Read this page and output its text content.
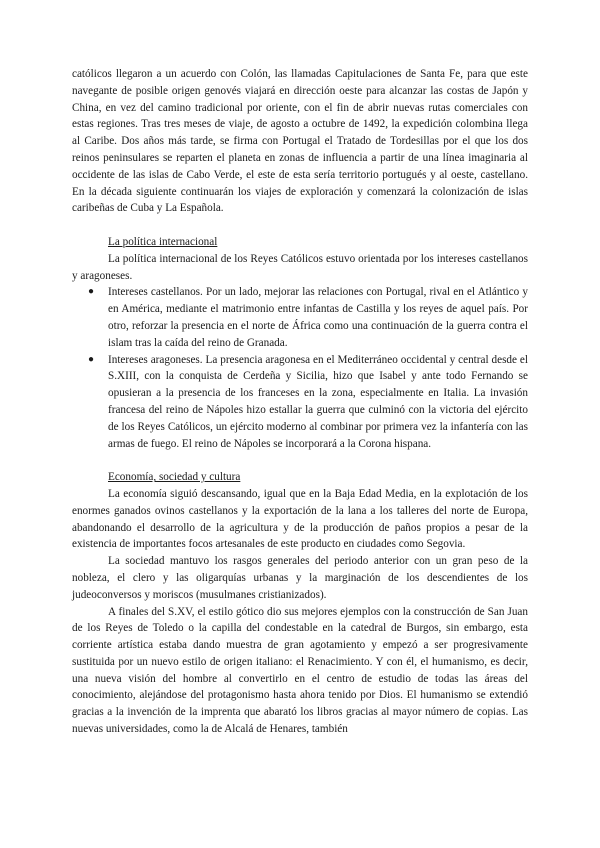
católicos llegaron a un acuerdo con Colón, las llamadas Capitulaciones de Santa Fe, para que este navegante de posible origen genovés viajará en dirección oeste para alcanzar las costas de Japón y China, en vez del camino tradicional por oriente, con el fin de abrir nuevas rutas comerciales con estas regiones. Tras tres meses de viaje, de agosto a octubre de 1492, la expedición colombina llega al Caribe. Dos años más tarde, se firma con Portugal el Tratado de Tordesillas por el que los dos reinos peninsulares se reparten el planeta en zonas de influencia a partir de una línea imaginaria al occidente de las islas de Cabo Verde, el este de esta sería territorio portugués y al oeste, castellano. En la década siguiente continuarán los viajes de exploración y comenzará la colonización de islas caribeñas de Cuba y La Española.

La política internacional

La política internacional de los Reyes Católicos estuvo orientada por los intereses castellanos y aragoneses.

● Intereses castellanos. Por un lado, mejorar las relaciones con Portugal, rival en el Atlántico y en América, mediante el matrimonio entre infantas de Castilla y los reyes de aquel país. Por otro, reforzar la presencia en el norte de África como una continuación de la guerra contra el islam tras la caída del reino de Granada.
● Intereses aragoneses. La presencia aragonesa en el Mediterráneo occidental y central desde el S.XIII, con la conquista de Cerdeña y Sicilia, hizo que Isabel y ante todo Fernando se opusieran a la presencia de los franceses en la zona, especialmente en Italia. La invasión francesa del reino de Nápoles hizo estallar la guerra que culminó con la victoria del ejército de los Reyes Católicos, un ejército moderno al combinar por primera vez la infantería con las armas de fuego. El reino de Nápoles se incorporará a la Corona hispana.

Economía, sociedad y cultura

La economía siguió descansando, igual que en la Baja Edad Media, en la explotación de los enormes ganados ovinos castellanos y la exportación de la lana a los talleres del norte de Europa, abandonando el desarrollo de la agricultura y de la producción de paños propios a pesar de la existencia de importantes focos artesanales de este producto en ciudades como Segovia.

La sociedad mantuvo los rasgos generales del periodo anterior con un gran peso de la nobleza, el clero y las oligarquías urbanas y la marginación de los descendientes de los judeoconversos y moriscos (musulmanes cristianizados).

A finales del S.XV, el estilo gótico dio sus mejores ejemplos con la construcción de San Juan de los Reyes de Toledo o la capilla del condestable en la catedral de Burgos, sin embargo, esta corriente artística estaba dando muestra de gran agotamiento y empezó a ser progresivamente sustituida por un nuevo estilo de origen italiano: el Renacimiento. Y con él, el humanismo, es decir, una nueva visión del hombre al convertirlo en el centro de estudio de todas las áreas del conocimiento, alejándose del protagonismo hasta ahora tenido por Dios. El humanismo se extendió gracias a la invención de la imprenta que abarató los libros gracias al mayor número de copias. Las nuevas universidades, como la de Alcalá de Henares, también
